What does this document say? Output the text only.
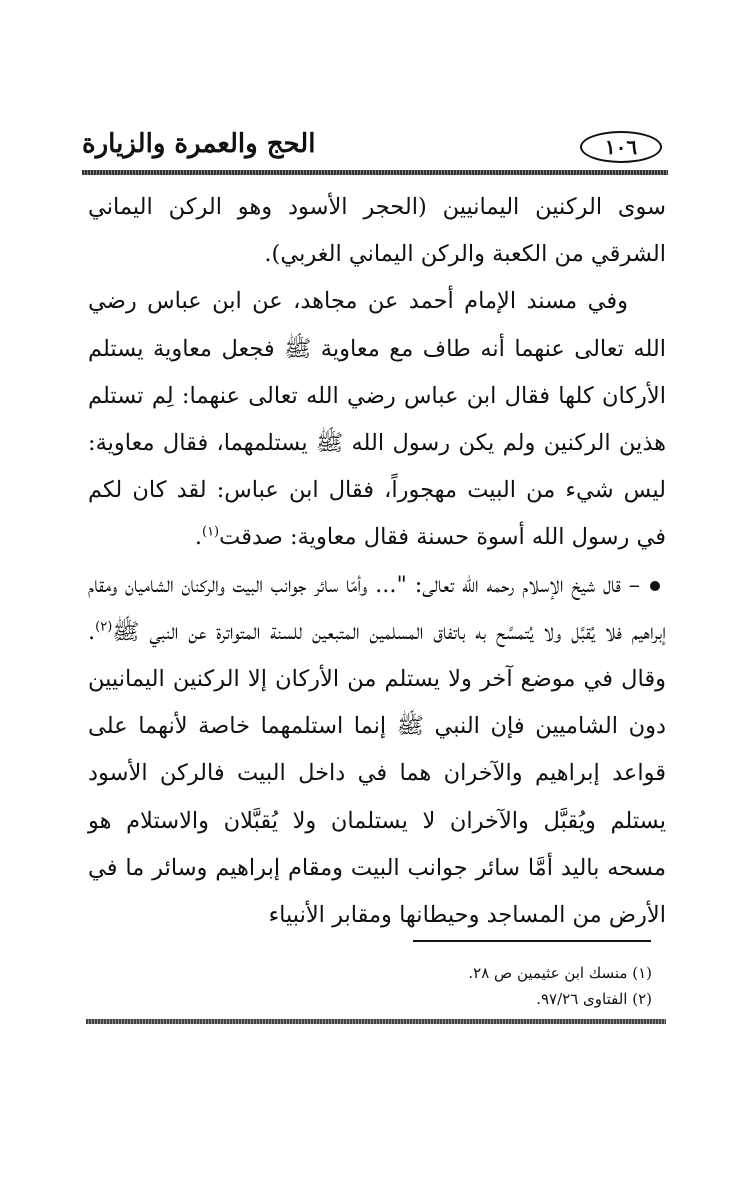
١٠٦
الحج والعمرة والزيارة

سوى الركنين اليمانيين (الحجر الأسود وهو الركن اليماني الشرقي من الكعبة والركن اليماني الغربي).

وفي مسند الإمام أحمد عن مجاهد، عن ابن عباس رضي الله تعالى عنهما أنه طاف مع معاوية ﷺ فجعل معاوية يستلم الأركان كلها فقال ابن عباس رضي الله تعالى عنهما: لِم تستلم هذين الركنين ولم يكن رسول الله ﷺ يستلمهما، فقال معاوية: ليس شيء من البيت مهجوراً، فقال ابن عباس: لقد كان لكم في رسول الله أسوة حسنة فقال معاوية: صدقت$^{(١)}$.

– قال شيخ الإسلام رحمه الله تعالى: "... وأمّا سائر جوانب البيت والركنان الشاميان ومقام إبراهيم فلا يُقبَّل ولا يُتمسَّح به باتفاق المسلمين المتبعين للسنة المتواترة عن النبي ﷺ$^{(٢)}$. وقال في موضع آخر ولا يستلم من الأركان إلا الركنين اليمانيين دون الشاميين فإن النبي ﷺ إنما استلمهما خاصة لأنهما على قواعد إبراهيم والآخران هما في داخل البيت فالركن الأسود يستلم ويُقبَّل والآخران لا يستلمان ولا يُقبَّلان والاستلام هو مسحه باليد أمَّا سائر جوانب البيت ومقام إبراهيم وسائر ما في الأرض من المساجد وحيطانها ومقابر الأنبياء

(١) منسك ابن عثيمين ص ٢٨.

(٢) الفتاوى ٩٧/٢٦.
